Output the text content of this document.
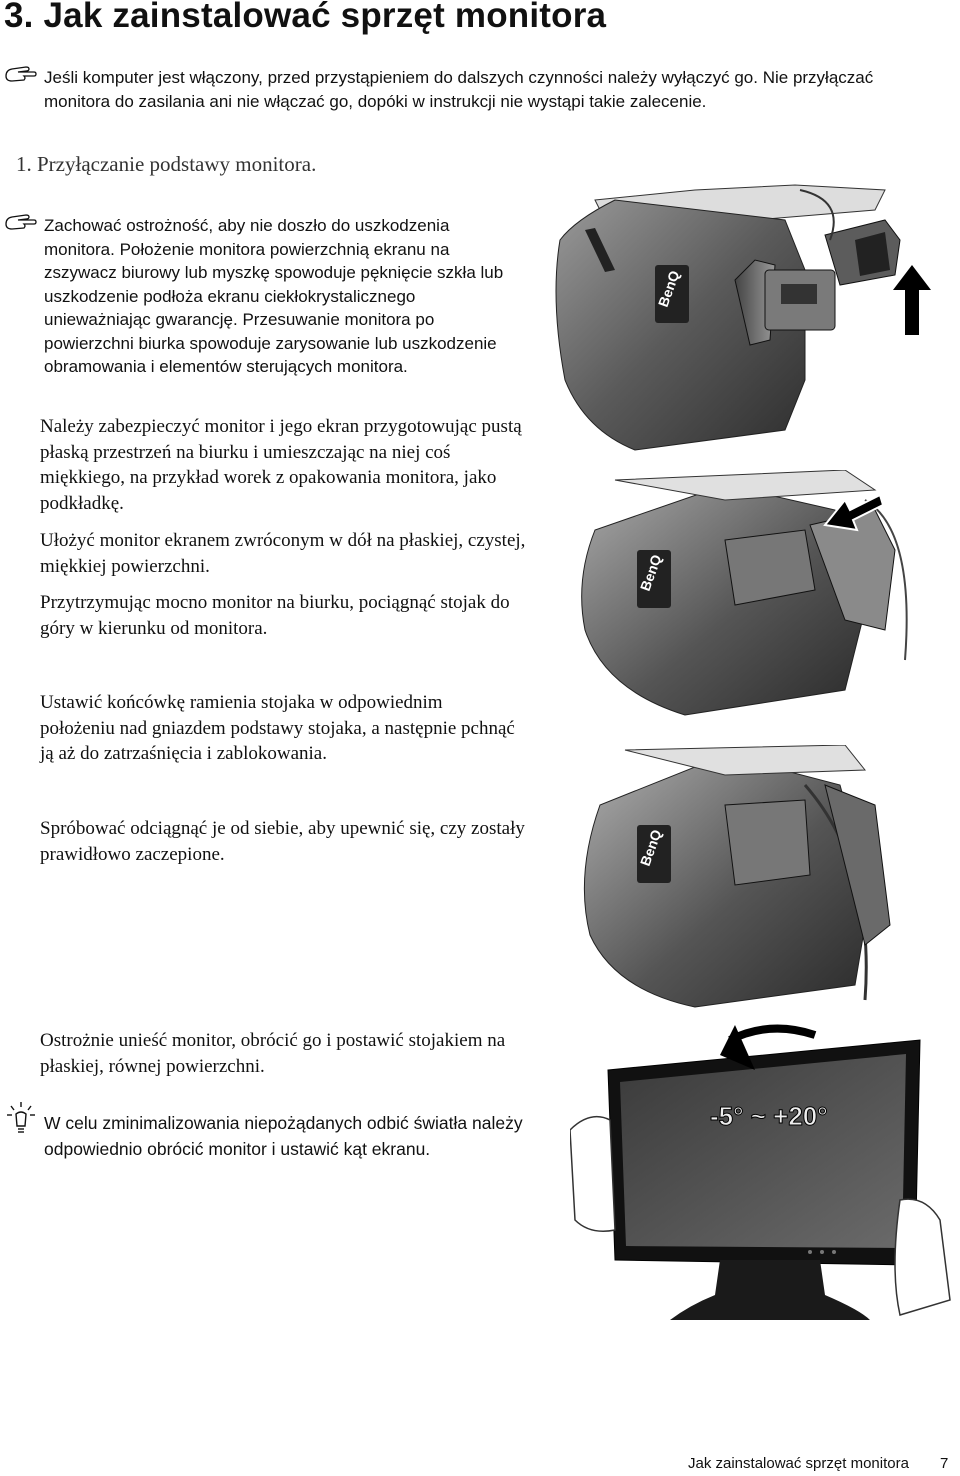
3. Jak zainstalować sprzęt monitora

Jeśli komputer jest włączony, przed przystąpieniem do dalszych czynności należy wyłączyć go. Nie przyłączać monitora do zasilania ani nie włączać go, dopóki w instrukcji nie wystąpi takie zalecenie.

1. Przyłączanie podstawy monitora.

Zachować ostrożność, aby nie doszło do uszkodzenia monitora. Położenie monitora powierzchnią ekranu na zszywacz biurowy lub myszkę spowoduje pęknięcie szkła lub uszkodzenie podłoża ekranu ciekłokrystalicznego unieważniając gwarancję. Przesuwanie monitora po powierzchni biurka spowoduje zarysowanie lub uszkodzenie obramowania i elementów sterujących monitora.

Należy zabezpieczyć monitor i jego ekran przygotowując pustą płaską przestrzeń na biurku i umieszczając na niej coś miękkiego, na przykład worek z opakowania monitora, jako podkładkę.

Ułożyć monitor ekranem zwróconym w dół na płaskiej, czystej, miękkiej powierzchni.

Przytrzymując mocno monitor na biurku, pociągnąć stojak do góry w kierunku od monitora.

Ustawić końcówkę ramienia stojaka w odpowiednim położeniu nad gniazdem podstawy stojaka, a następnie pchnąć ją aż do zatrzaśnięcia i zablokowania.

Spróbować odciągnąć je od siebie, aby upewnić się, czy zostały prawidłowo zaczepione.

Ostrożnie unieść monitor, obrócić go i postawić stojakiem na płaskiej, równej powierzchni.

W celu zminimalizowania niepożądanych odbić światła należy odpowiednio obrócić monitor i ustawić kąt ekranu.

BenQ
BenQ
BenQ
-5° ~ +20°
Jak zainstalować sprzęt monitora 7
